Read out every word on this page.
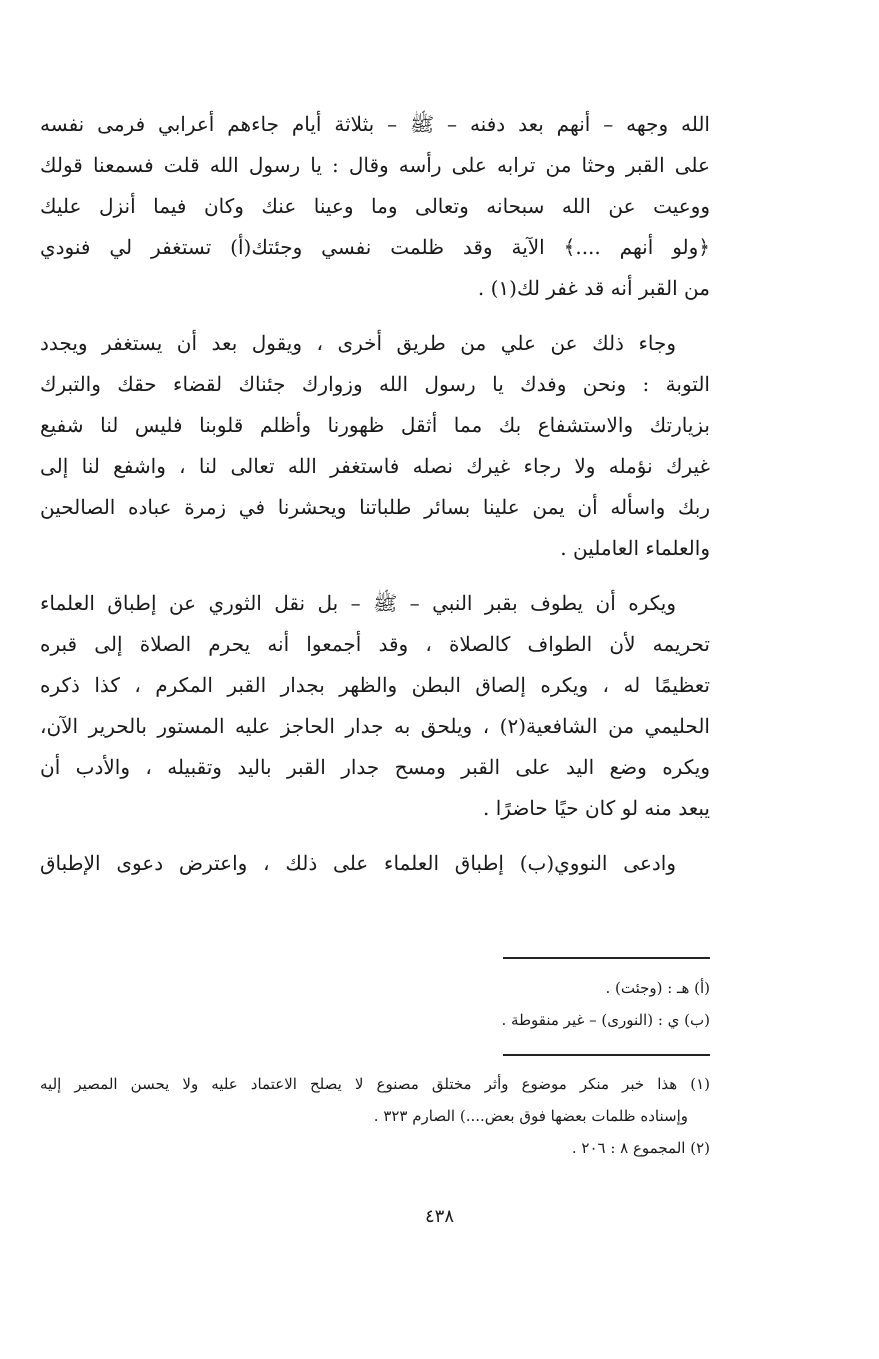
الله وجهه – أنهم بعد دفنه – ﷺ – بثلاثة أيام جاءهم أعرابي فرمى نفسه
على القبر وحثا من ترابه على رأسه وقال : يا رسول الله قلت فسمعنا قولك
ووعيت عن الله سبحانه وتعالى وما وعينا عنك وكان فيما أنزل عليك
﴿ولو أنهم ....﴾ الآية وقد ظلمت نفسي وجئتك(أ) تستغفر لي فنودي
من القبر أنه قد غفر لك(١) .
وجاء ذلك عن علي من طريق أخرى ، ويقول بعد أن يستغفر ويجدد
التوبة : ونحن وفدك يا رسول الله وزوارك جئناك لقضاء حقك والتبرك
بزيارتك والاستشفاع بك مما أثقل ظهورنا وأظلم قلوبنا فليس لنا شفيع
غيرك نؤمله ولا رجاء غيرك نصله فاستغفر الله تعالى لنا ، واشفع لنا إلى
ربك واسأله أن يمن علينا بسائر طلباتنا ويحشرنا في زمرة عباده الصالحين
والعلماء العاملين .
ويكره أن يطوف بقبر النبي – ﷺ – بل نقل الثوري عن إطباق العلماء
تحريمه لأن الطواف كالصلاة ، وقد أجمعوا أنه يحرم الصلاة إلى قبره
تعظيمًا له ، ويكره إلصاق البطن والظهر بجدار القبر المكرم ، كذا ذكره
الحليمي من الشافعية(٢) ، ويلحق به جدار الحاجز عليه المستور بالحرير الآن،
ويكره وضع اليد على القبر ومسح جدار القبر باليد وتقبيله ، والأدب أن
يبعد منه لو كان حيًا حاضرًا .
وادعى النووي(ب) إطباق العلماء على ذلك ، واعترض دعوى الإطباق
(أ) هـ : (وجئت) .
(ب) ي : (النورى) – غير منقوطة .
(١) هذا خبر منكر موضوع وأثر مختلق مصنوع لا يصلح الاعتماد عليه ولا يحسن المصير إليه
وإسناده ظلمات بعضها فوق بعض....) الصارم ٣٢٣ .
(٢) المجموع ٨ : ٢٠٦ .
٤٣٨
